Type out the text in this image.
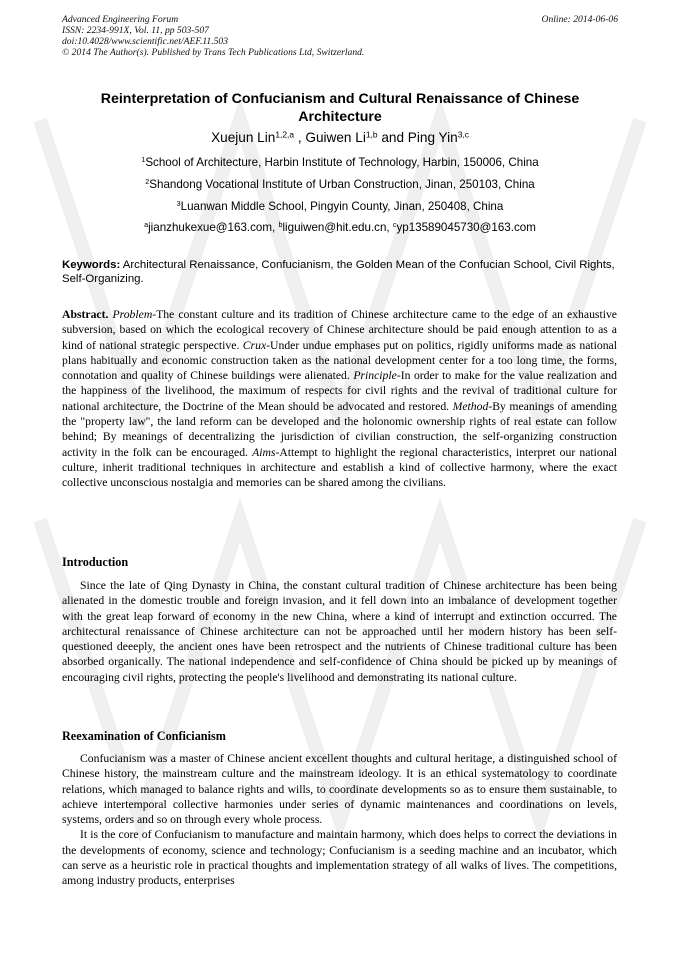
Advanced Engineering Forum
ISSN: 2234-991X, Vol. 11, pp 503-507
doi:10.4028/www.scientific.net/AEF.11.503
© 2014 The Author(s). Published by Trans Tech Publications Ltd, Switzerland.
Online: 2014-06-06
Reinterpretation of Confucianism and Cultural Renaissance of Chinese Architecture
Xuejun Lin$^{1,2,a}$ , Guiwen Li$^{1,b}$ and Ping Yin$^{3,c}$
$^1$School of Architecture, Harbin Institute of Technology, Harbin, 150006, China
$^2$Shandong Vocational Institute of Urban Construction, Jinan, 250103, China
$^3$Luanwan Middle School, Pingyin County, Jinan, 250408, China
$^a$jianzhukexue@163.com, $^b$liguiwen@hit.edu.cn, $^c$yp13589045730@163.com
Keywords: Architectural Renaissance, Confucianism, the Golden Mean of the Confucian School, Civil Rights, Self-Organizing.

Abstract. Problem-The constant culture and its tradition of Chinese architecture came to the edge of an exhaustive subversion, based on which the ecological recovery of Chinese architecture should be paid enough attention to as a kind of national strategic perspective. Crux-Under undue emphases put on politics, rigidly uniforms made as national plans habitually and economic construction taken as the national development center for a too long time, the forms, connotation and quality of Chinese buildings were alienated. Principle-In order to make for the value realization and the happiness of the livelihood, the maximum of respects for civil rights and the revival of traditional culture for national architecture, the Doctrine of the Mean should be advocated and restored. Method-By meanings of amending the "property law", the land reform can be developed and the holonomic ownership rights of real estate can follow behind; By meanings of decentralizing the jurisdiction of civilian construction, the self-organizing construction activity in the folk can be encouraged. Aims-Attempt to highlight the regional characteristics, interpret our national culture, inherit traditional techniques in architecture and establish a kind of collective harmony, where the exact collective unconscious nostalgia and memories can be shared among the civilians.

Introduction

Since the late of Qing Dynasty in China, the constant cultural tradition of Chinese architecture has been being alienated in the domestic trouble and foreign invasion, and it fell down into an imbalance of development together with the great leap forward of economy in the new China, where a kind of interrupt and extinction occurred. The architectural renaissance of Chinese architecture can not be approached until her modern history has been self-questioned deeeply, the ancient ones have been retrospect and the nutrients of Chinese traditional culture has been absorbed organically. The national independence and self-confidence of China should be picked up by meanings of encouraging civil rights, protecting the people's livelihood and demonstrating its national culture.

Reexamination of Conficianism

Confucianism was a master of Chinese ancient excellent thoughts and cultural heritage, a distinguished school of Chinese history, the mainstream culture and the mainstream ideology. It is an ethical systematology to coordinate relations, which managed to balance rights and wills, to coordinate developments so as to ensure them sustainable, to achieve intertemporal collective harmonies under series of dynamic maintenances and coordinations on levels, systems, orders and so on through every whole process.

It is the core of Confucianism to manufacture and maintain harmony, which does helps to correct the deviations in the developments of economy, science and technology; Confucianism is a seeding machine and an incubator, which can serve as a heuristic role in practical thoughts and implementation strategy of all walks of lives. The competitions, among industry products, enterprises
